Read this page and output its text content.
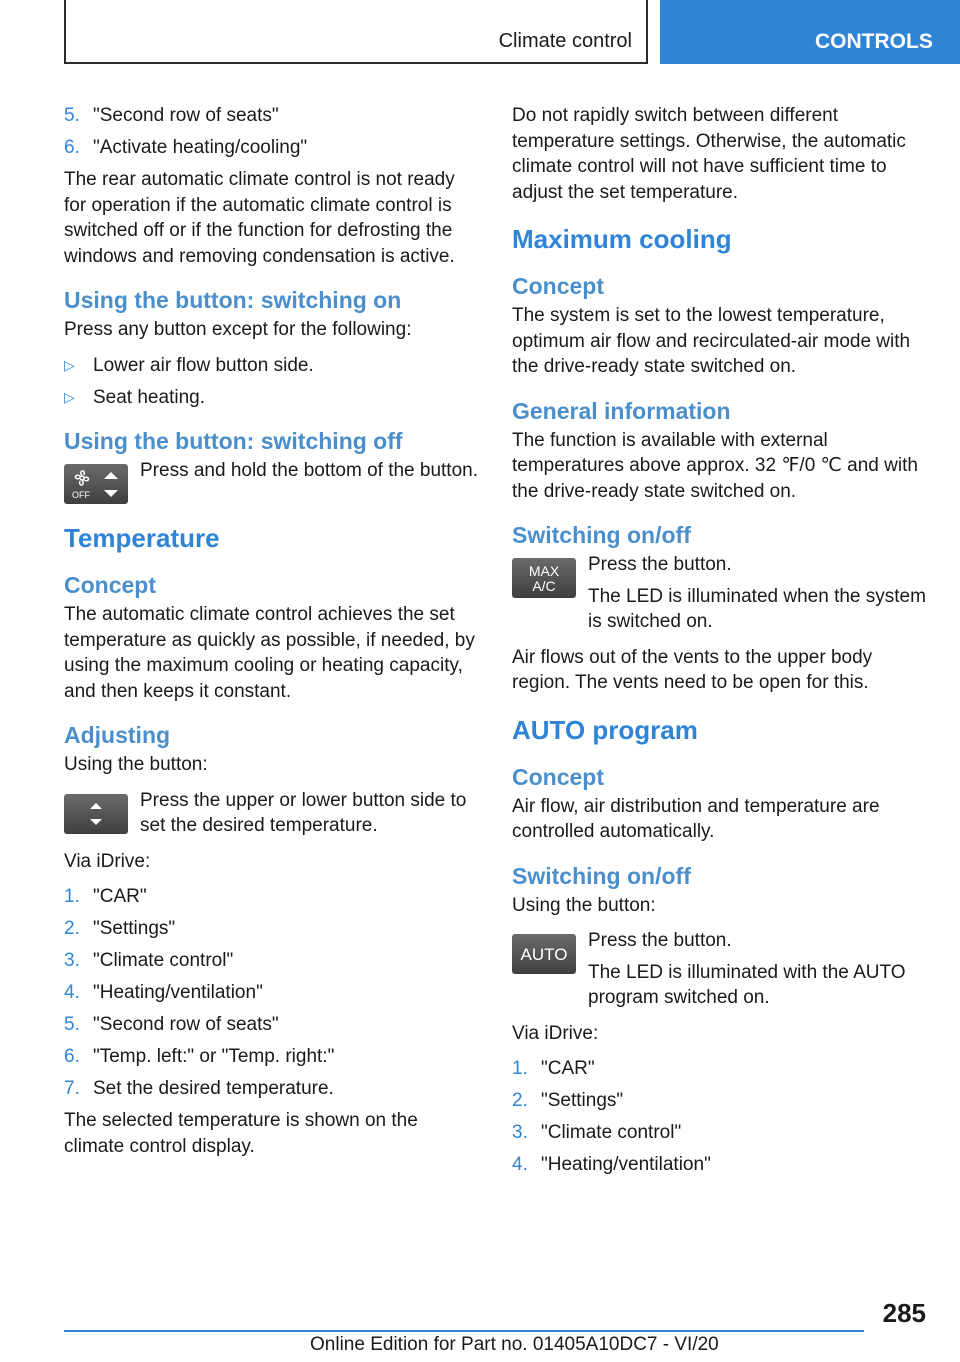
Climate control	CONTROLS
5. "Second row of seats"
6. "Activate heating/cooling"

The rear automatic climate control is not ready for operation if the automatic climate control is switched off or if the function for defrosting the windows and removing condensation is active.

Using the button: switching on

Press any button except for the following:

▷ Lower air flow button side.
▷ Seat heating.
Using the button: switching off
OFF

Press and hold the bottom of the button.

Temperature
Concept

The automatic climate control achieves the set temperature as quickly as possible, if needed, by using the maximum cooling or heating capacity, and then keeps it constant.

Adjusting

Using the button:

Press the upper or lower button side to set the desired temperature.

Via iDrive:

1. "CAR"
2. "Settings"
3. "Climate control"
4. "Heating/ventilation"
5. "Second row of seats"
6. "Temp. left:" or "Temp. right:"
7. Set the desired temperature.

The selected temperature is shown on the climate control display.

Do not rapidly switch between different temperature settings. Otherwise, the automatic climate control will not have sufficient time to adjust the set temperature.

Maximum cooling
Concept

The system is set to the lowest temperature, optimum air flow and recirculated-air mode with the drive-ready state switched on.

General information

The function is available with external temperatures above approx. 32 ℉/0 ℃ and with the drive-ready state switched on.

Switching on/off
MAX
A/C

Press the button.

The LED is illuminated when the system is switched on.

Air flows out of the vents to the upper body region. The vents need to be open for this.

AUTO program
Concept

Air flow, air distribution and temperature are controlled automatically.

Switching on/off

Using the button:

AUTO

Press the button.

The LED is illuminated with the AUTO program switched on.

Via iDrive:

1. "CAR"
2. "Settings"
3. "Climate control"
4. "Heating/ventilation"
285
Online Edition for Part no. 01405A10DC7 - VI/20
